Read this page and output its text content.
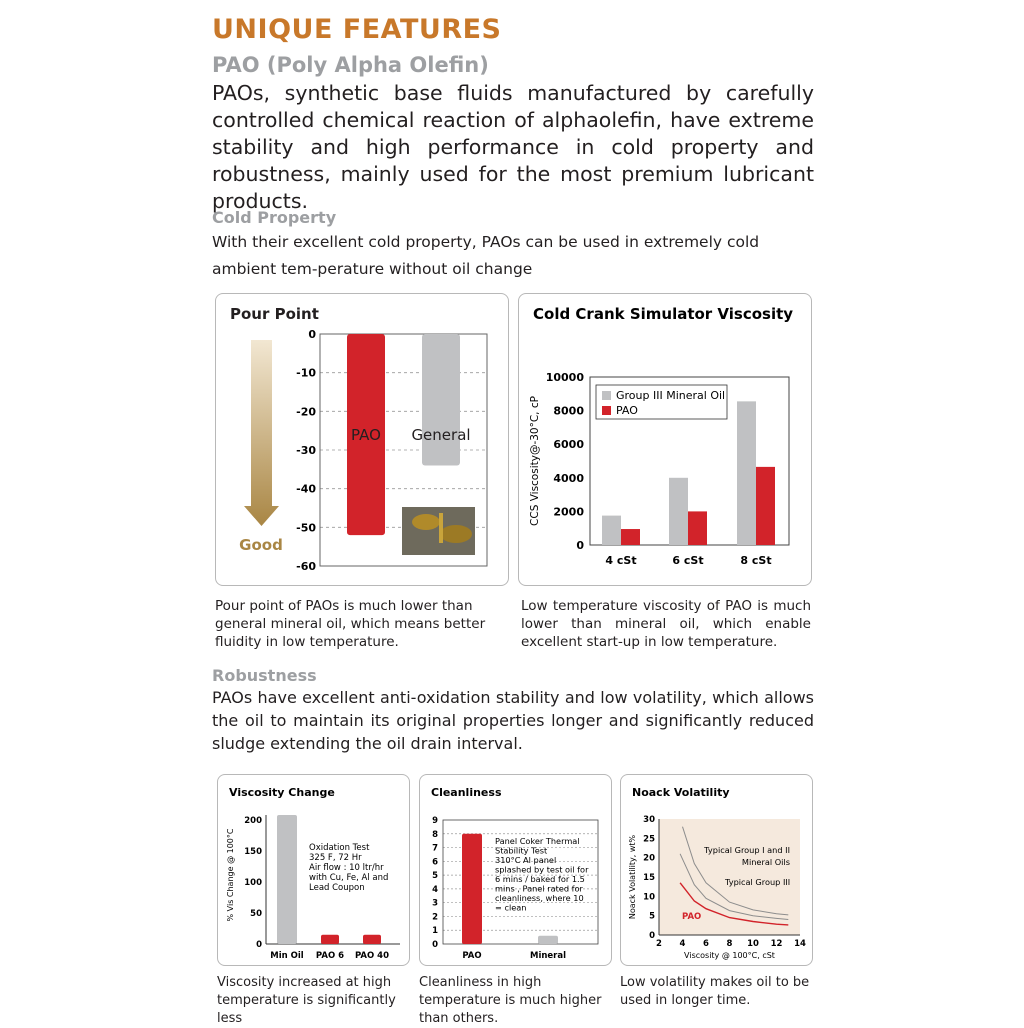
UNIQUE FEATURES
PAO (Poly Alpha Olefin)
PAOs, synthetic base fluids manufactured by carefully controlled chemical reaction of alphaolefin, have extreme stability and high performance in cold property and robustness, mainly used for the most premium lubricant products.
Cold Property
With their excellent cold property, PAOs can be used in extremely cold ambient tem-perature without oil change
Pour Point
Good
0
-10
-20
-30
-40
-50
-60
PAO General
Pour point of PAOs is much lower than general mineral oil, which means better fluidity in low temperature.
Cold Crank Simulator Viscosity
0
2000
4000
6000
8000
10000
CCS Viscosity@-30°C, cP
4 cSt	6 cSt	8 cSt
Group III Mineral Oil
PAO
Low temperature viscosity of PAO is much lower than mineral oil, which enable excellent start-up in low temperature.
Robustness
PAOs have excellent anti-oxidation stability and low volatility, which allows the oil to maintain its original properties longer and significantly reduced sludge extending the oil drain interval.
Viscosity Change
0
50
100
150
200
% Vis Change @ 100°C
Min Oil PAO 6 PAO 40
Oxidation Test
325 F, 72 Hr
Air flow : 10 ltr/hr
with Cu, Fe, Al and
Lead Coupon
Viscosity increased at high temperature is significantly less
Cleanliness
0
1
2
3
4
5
6
7
8
9
PAO	Mineral
Panel Coker Thermal
Stability Test
310°C Al panel
splashed by test oil for
6 mins / baked for 1.5
mins , Panel rated for
cleanliness, where 10
= clean
Cleanliness in high temperature is much higher than others.
Noack Volatility
0
5
10
15
20
25
30
2 4 6 8 10 12 14
Viscosity @ 100°C, cSt
Noack Volatility, wt%	Typical Group I and II
Mineral Oils
Typical Group III
PAO
Low volatility makes oil to be used in longer time.
